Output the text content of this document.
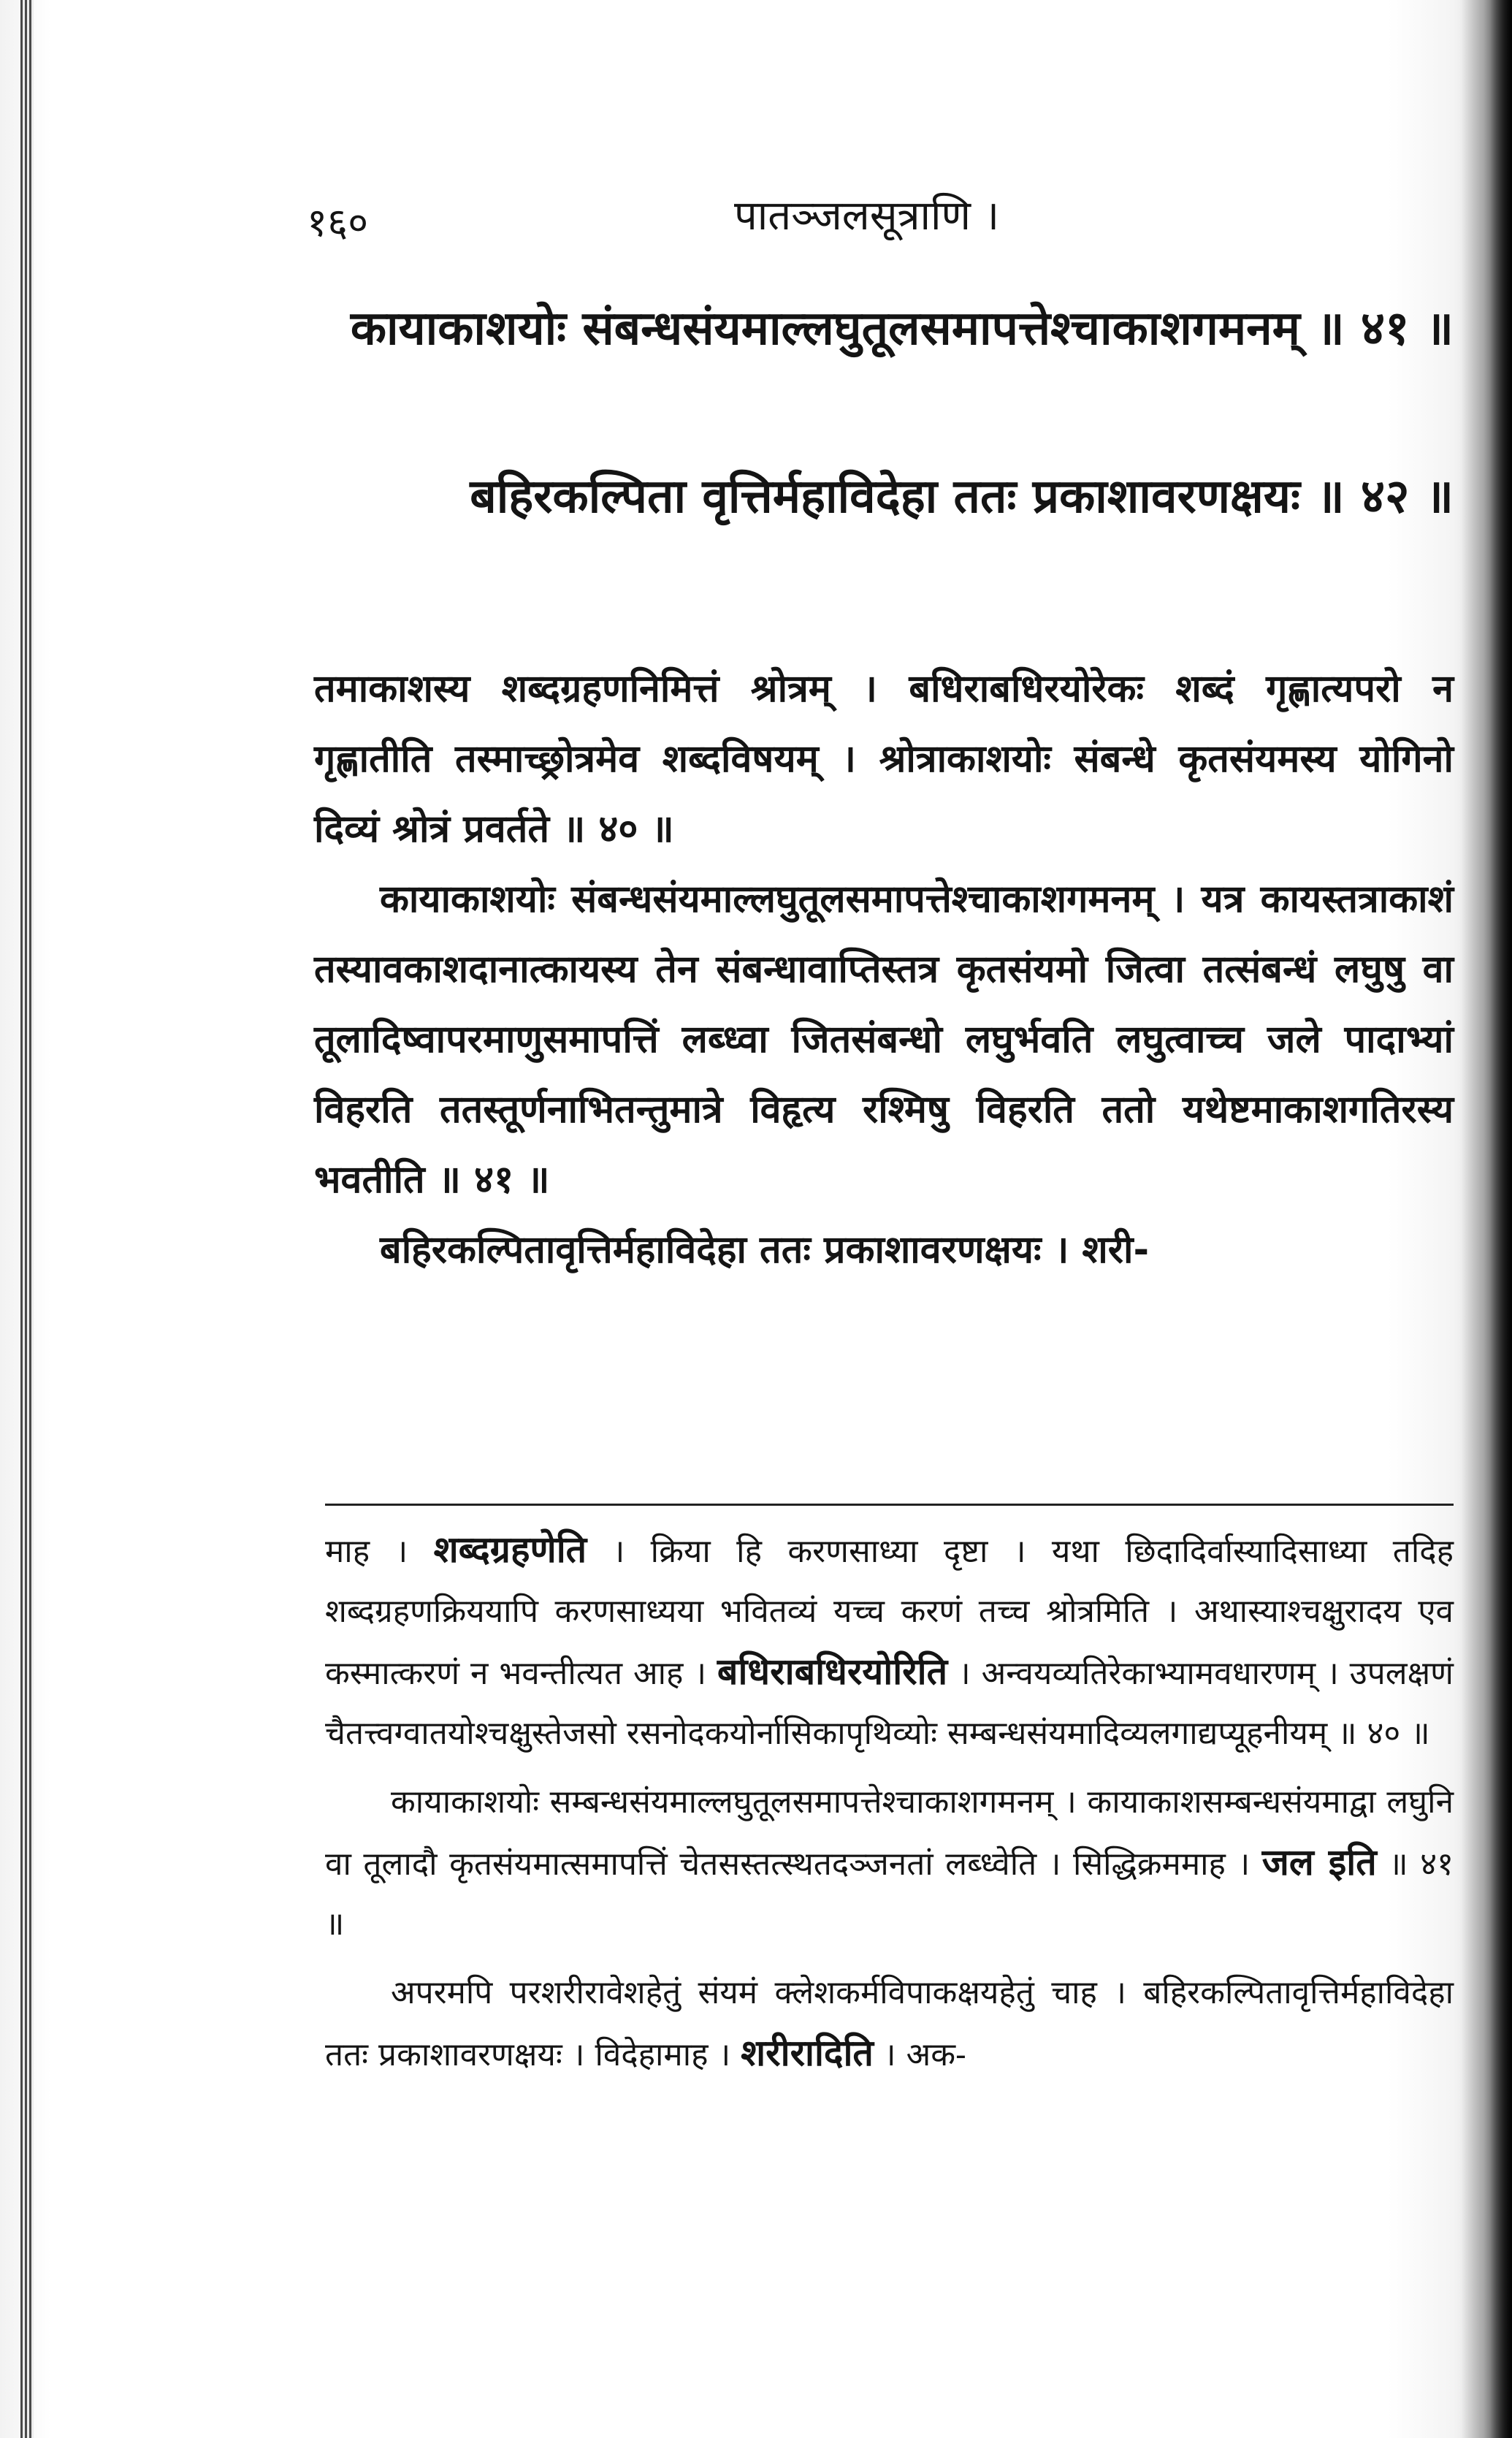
१६०	पातञ्जलसूत्राणि ।
कायाकाशयोः संबन्धसंयमाल्लघुतूलसमापत्तेश्चाकाशगमनम् ॥ ४१ ॥
बहिरकल्पिता वृत्तिर्महाविदेहा ततः प्रकाशावरणक्षयः ॥ ४२ ॥

तमाकाशस्य शब्दग्रहणनिमित्तं श्रोत्रम् । बधिराबधिरयोरेकः शब्दं गृह्णात्यपरो न गृह्णातीति तस्माच्छ्रोत्रमेव शब्दविषयम् । श्रोत्राकाशयोः संबन्धे कृतसंयमस्य योगिनो दिव्यं श्रोत्रं प्रवर्तते ॥ ४० ॥

कायाकाशयोः संबन्धसंयमाल्लघुतूलसमापत्तेश्चाकाशगमनम् । यत्र कायस्तत्राकाशं तस्यावकाशदानात्कायस्य तेन संबन्धावाप्तिस्तत्र कृतसंयमो जित्वा तत्संबन्धं लघुषु वा तूलादिष्वापरमाणुसमापत्तिं लब्ध्वा जितसंबन्धो लघुर्भवति लघुत्वाच्च जले पादाभ्यां विहरति ततस्तूर्णनाभितन्तुमात्रे विहृत्य रश्मिषु विहरति ततो यथेष्टमाकाशगतिरस्य भवतीति ॥ ४१ ॥

बहिरकल्पितावृत्तिर्महाविदेहा ततः प्रकाशावरणक्षयः । शरी-

माह । शब्दग्रहणेति । क्रिया हि करणसाध्या दृष्टा । यथा छिदादिर्वास्यादिसाध्या तदिह शब्दग्रहणक्रिययापि करणसाध्यया भवितव्यं यच्च करणं तच्च श्रोत्रमिति । अथास्याश्चक्षुरादय एव कस्मात्करणं न भवन्तीत्यत आह । बधिराबधिरयोरिति । अन्वयव्यतिरेकाभ्यामवधारणम् । उपलक्षणं चैतत्त्वग्वातयोश्चक्षुस्तेजसो रसनोदकयोर्नासिकापृथिव्योः सम्बन्धसंयमादिव्यलगाद्यप्यूहनीयम् ॥ ४० ॥

कायाकाशयोः सम्बन्धसंयमाल्लघुतूलसमापत्तेश्चाकाशगमनम् । कायाकाशसम्बन्धसंयमाद्वा लघुनि वा तूलादौ कृतसंयमात्समापत्तिं चेतसस्तत्स्थतदञ्जनतां लब्ध्वेति । सिद्धिक्रममाह । जल इति ॥ ४१ ॥

अपरमपि परशरीरावेशहेतुं संयमं क्लेशकर्मविपाकक्षयहेतुं चाह । बहिरकल्पितावृत्तिर्महाविदेहा ततः प्रकाशावरणक्षयः । विदेहामाह । शरीरादिति । अक-
